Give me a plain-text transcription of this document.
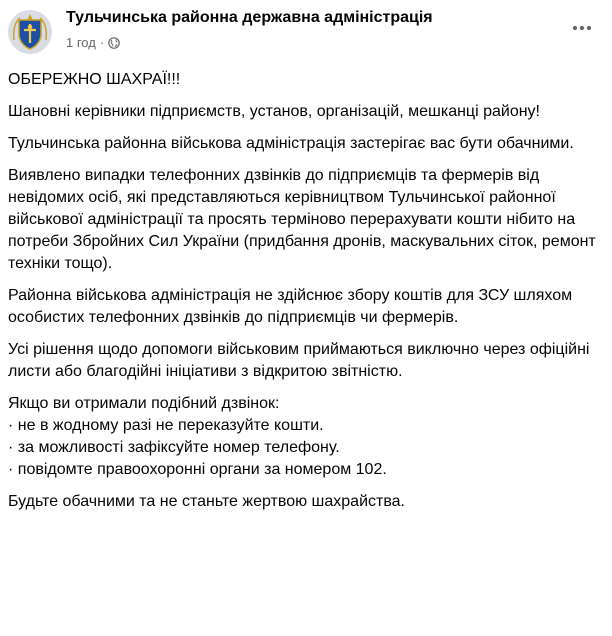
Тульчинська районна державна адміністрація
1 год ·

ОБЕРЕЖНО ШАХРАЇ!!!

Шановні керівники підприємств, установ, організацій, мешканці району!

Тульчинська районна військова адміністрація застерігає вас бути обачними.

Виявлено випадки телефонних дзвінків до підприємців та фермерів від невідомих осіб, які представляються керівництвом Тульчинської районної військової адміністрації та просять терміново перерахувати кошти нібито на потреби Збройних Сил України (придбання дронів, маскувальних сіток, ремонт техніки тощо).

Районна військова адміністрація не здійснює збору коштів для ЗСУ шляхом особистих телефонних дзвінків до підприємців чи фермерів.

Усі рішення щодо допомоги військовим приймаються виключно через офіційні листи або благодійні ініціативи з відкритою звітністю.

Якщо ви отримали подібний дзвінок:

· не в жодному разі не переказуйте кошти.

· за можливості зафіксуйте номер телефону.

· повідомте правоохоронні органи за номером 102.

Будьте обачними та не станьте жертвою шахрайства.
